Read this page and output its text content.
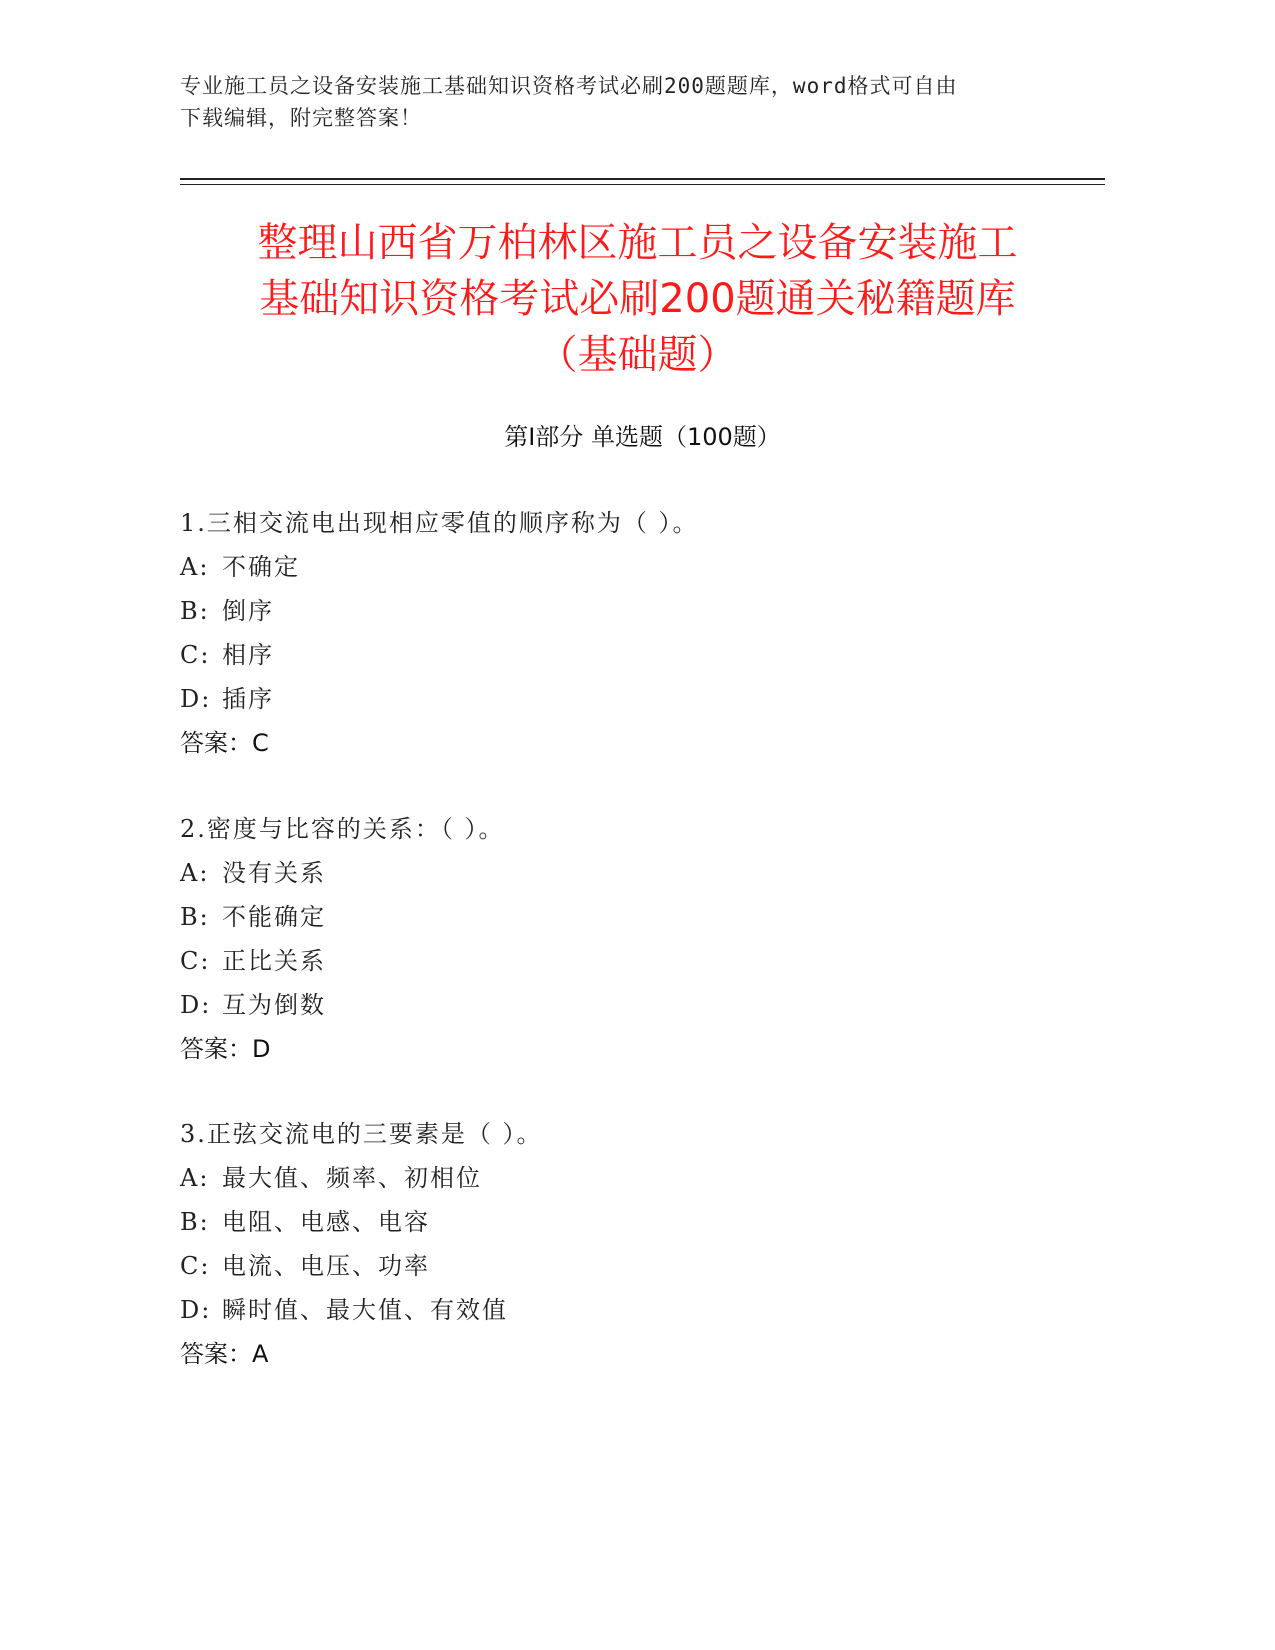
专业施工员之设备安装施工基础知识资格考试必刷200题题库，word格式可自由
下载编辑，附完整答案！
整理山西省万柏林区施工员之设备安装施工
基础知识资格考试必刷200题通关秘籍题库
（基础题）
第Ⅰ部分 单选题（100题）
1.三相交流电出现相应零值的顺序称为（ ）。
A: 不确定
B: 倒序
C: 相序
D: 插序
答案：C
2.密度与比容的关系：（ ）。
A: 没有关系
B: 不能确定
C: 正比关系
D: 互为倒数
答案：D
3.正弦交流电的三要素是（ ）。
A: 最大值、频率、初相位
B: 电阻、电感、电容
C: 电流、电压、功率
D: 瞬时值、最大值、有效值
答案：A
